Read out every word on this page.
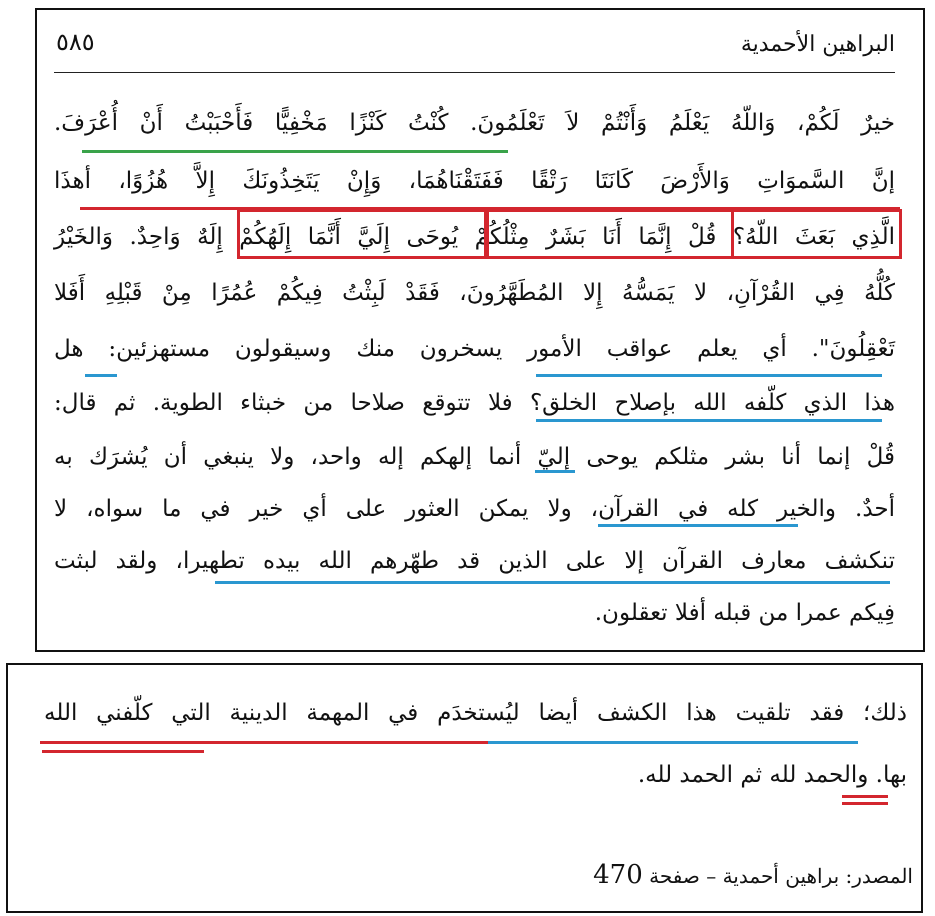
٥٨٥	البراهين الأحمدية
خيرٌ لَكُمْ، وَاللّهُ يَعْلَمُ وَأَنْتُمْ لاَ تَعْلَمُونَ. كُنْتُ كَنْزًا مَخْفِيًّا فَأَحْبَبْتُ أَنْ أُعْرَفَ.
إنَّ السَّموَاتِ وَالأَرْضَ كَانَتَا رَتْقًا فَفَتَقْنَاهُمَا، وَإِنْ يَتَخِذُونَكَ إِلاَّ هُزُوًا، أهذَا
الَّذِي بَعَثَ اللّهُ؟ قُلْ إِنَّمَا أَنَا بَشَرٌ مِثْلُكُمْ يُوحَى إِلَيَّ أَنَّمَا إِلَهُكُمْ إِلَهٌ وَاحِدٌ. وَالخَيْرُ
كُلُّهُ فِي القُرْآنِ، لا يَمَسُّهُ إِلا المُطَهَّرُونَ، فَقَدْ لَبِثْتُ فِيكُمْ عُمُرًا مِنْ قَبْلِهِ أَفَلا
تَعْقِلُونَ". أي يعلم عواقب الأمور يسخرون منك وسيقولون مستهزئين: هل
هذا الذي كلّفه الله بإصلاح الخلق؟ فلا تتوقع صلاحا من خبثاء الطوية. ثم قال:
قُلْ إنما أنا بشر مثلكم يوحى إليّ أنما إلهكم إله واحد، ولا ينبغي أن يُشرَك به
أحدٌ. والخير كله في القرآن، ولا يمكن العثور على أي خير في ما سواه، لا
تنكشف معارف القرآن إلا على الذين قد طهّرهم الله بيده تطهيرا، ولقد لبثت
فِيكم عمرا من قبله أفلا تعقلون.
ذلك؛ فقد تلقيت هذا الكشف أيضا ليُستخدَم في المهمة الدينية التي كلّفني الله
بها. والحمد لله ثم الحمد لله.
المصدر: براهين أحمدية – صفحة 470
